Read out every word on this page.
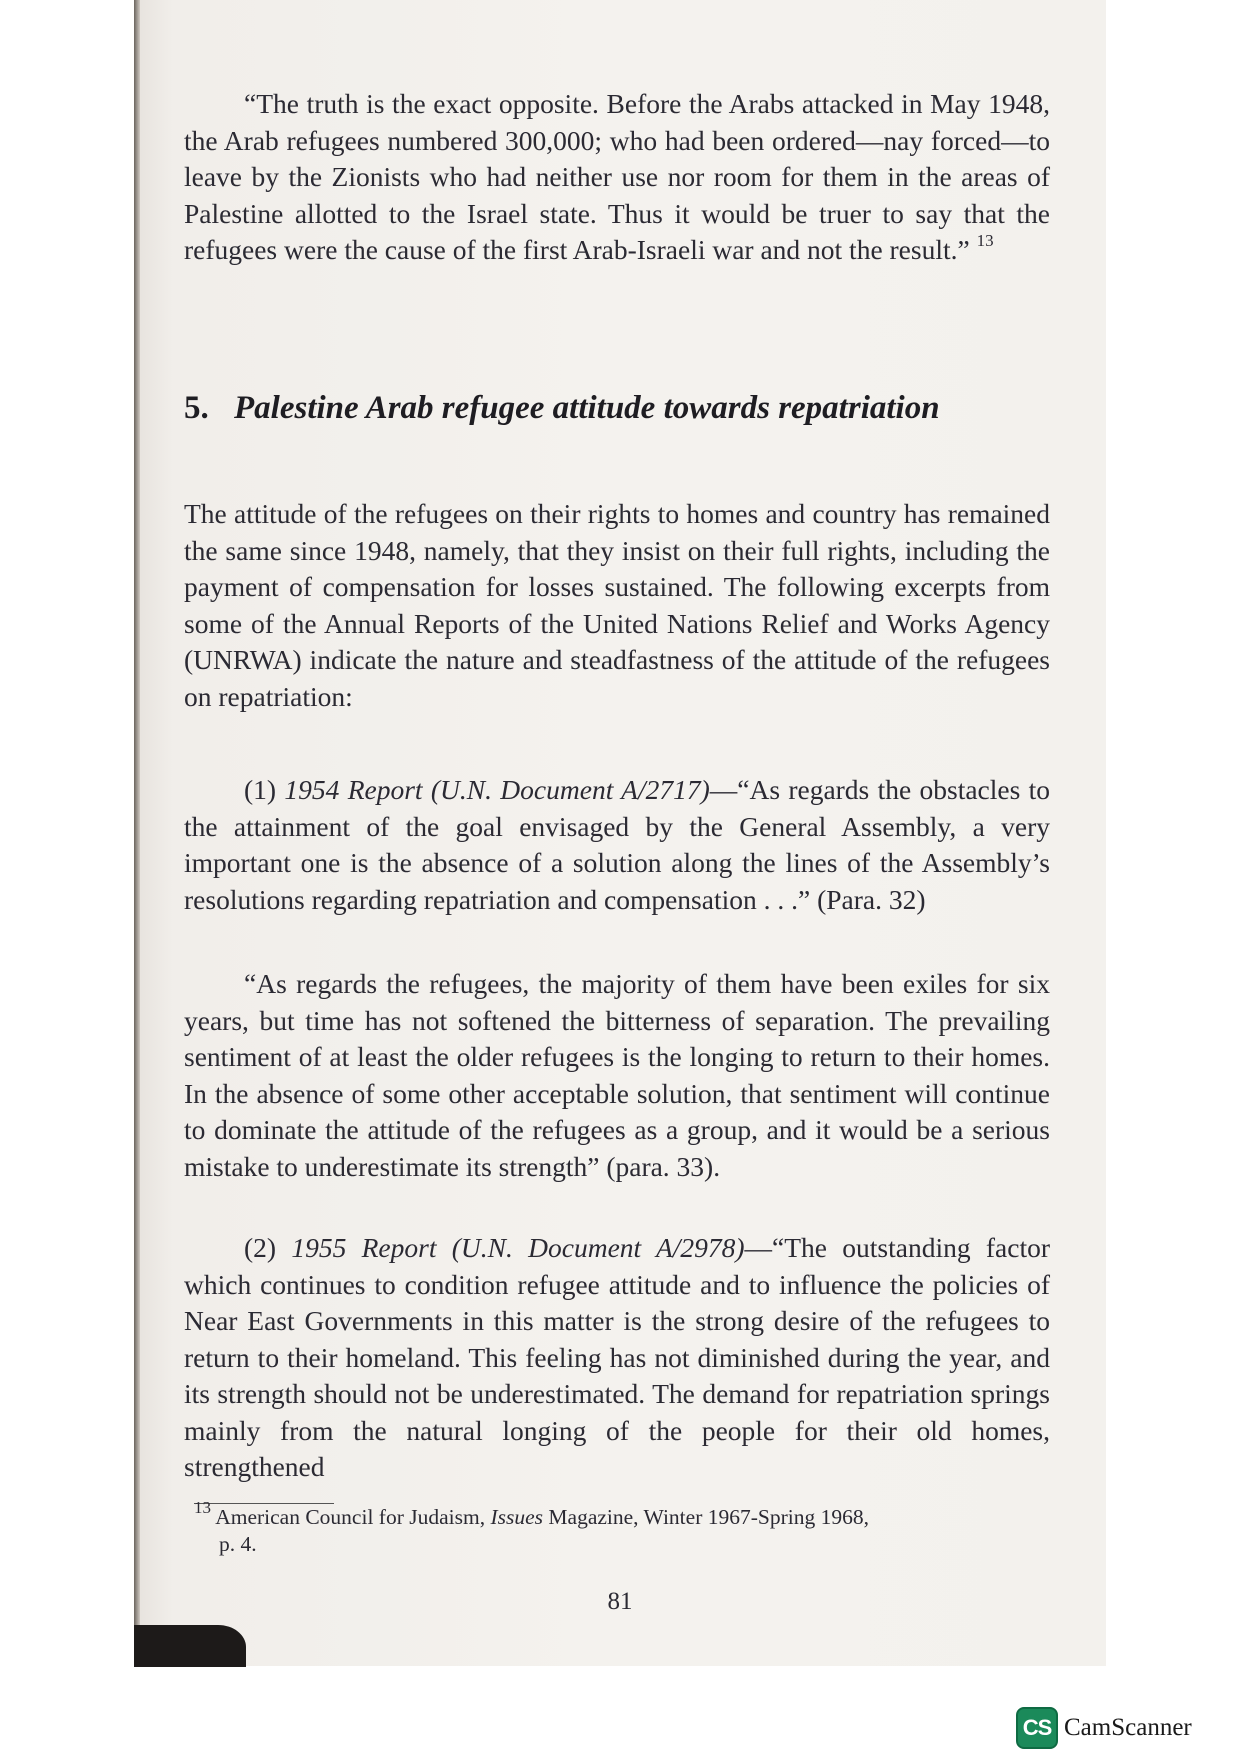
“The truth is the exact opposite. Before the Arabs attacked in May 1948, the Arab refugees numbered 300,000; who had been ordered—nay forced—to leave by the Zionists who had neither use nor room for them in the areas of Palestine allotted to the Israel state. Thus it would be truer to say that the refugees were the cause of the first Arab-Israeli war and not the result.” $^{13}$

5. Palestine Arab refugee attitude towards repatriation

The attitude of the refugees on their rights to homes and country has remained the same since 1948, namely, that they insist on their full rights, including the payment of compensation for losses sustained. The following excerpts from some of the Annual Reports of the United Nations Relief and Works Agency (UNRWA) indicate the nature and steadfastness of the attitude of the refugees on repatriation:

(1) 1954 Report (U.N. Document A/2717)—“As regards the obstacles to the attainment of the goal envisaged by the General Assembly, a very important one is the absence of a solution along the lines of the Assembly’s resolutions regarding repatriation and compensation . . .” (Para. 32)

“As regards the refugees, the majority of them have been exiles for six years, but time has not softened the bitterness of separation. The prevailing sentiment of at least the older refugees is the longing to return to their homes. In the absence of some other acceptable solution, that sentiment will continue to dominate the attitude of the refugees as a group, and it would be a serious mistake to underestimate its strength” (para. 33).

(2) 1955 Report (U.N. Document A/2978)—“The outstanding factor which continues to condition refugee attitude and to influence the policies of Near East Governments in this matter is the strong desire of the refugees to return to their homeland. This feeling has not diminished during the year, and its strength should not be underestimated. The demand for repatriation springs mainly from the natural longing of the people for their old homes, strengthened

$^{13}$ American Council for Judaism, Issues Magazine, Winter 1967-Spring 1968,
p. 4.

81
CS CamScanner
